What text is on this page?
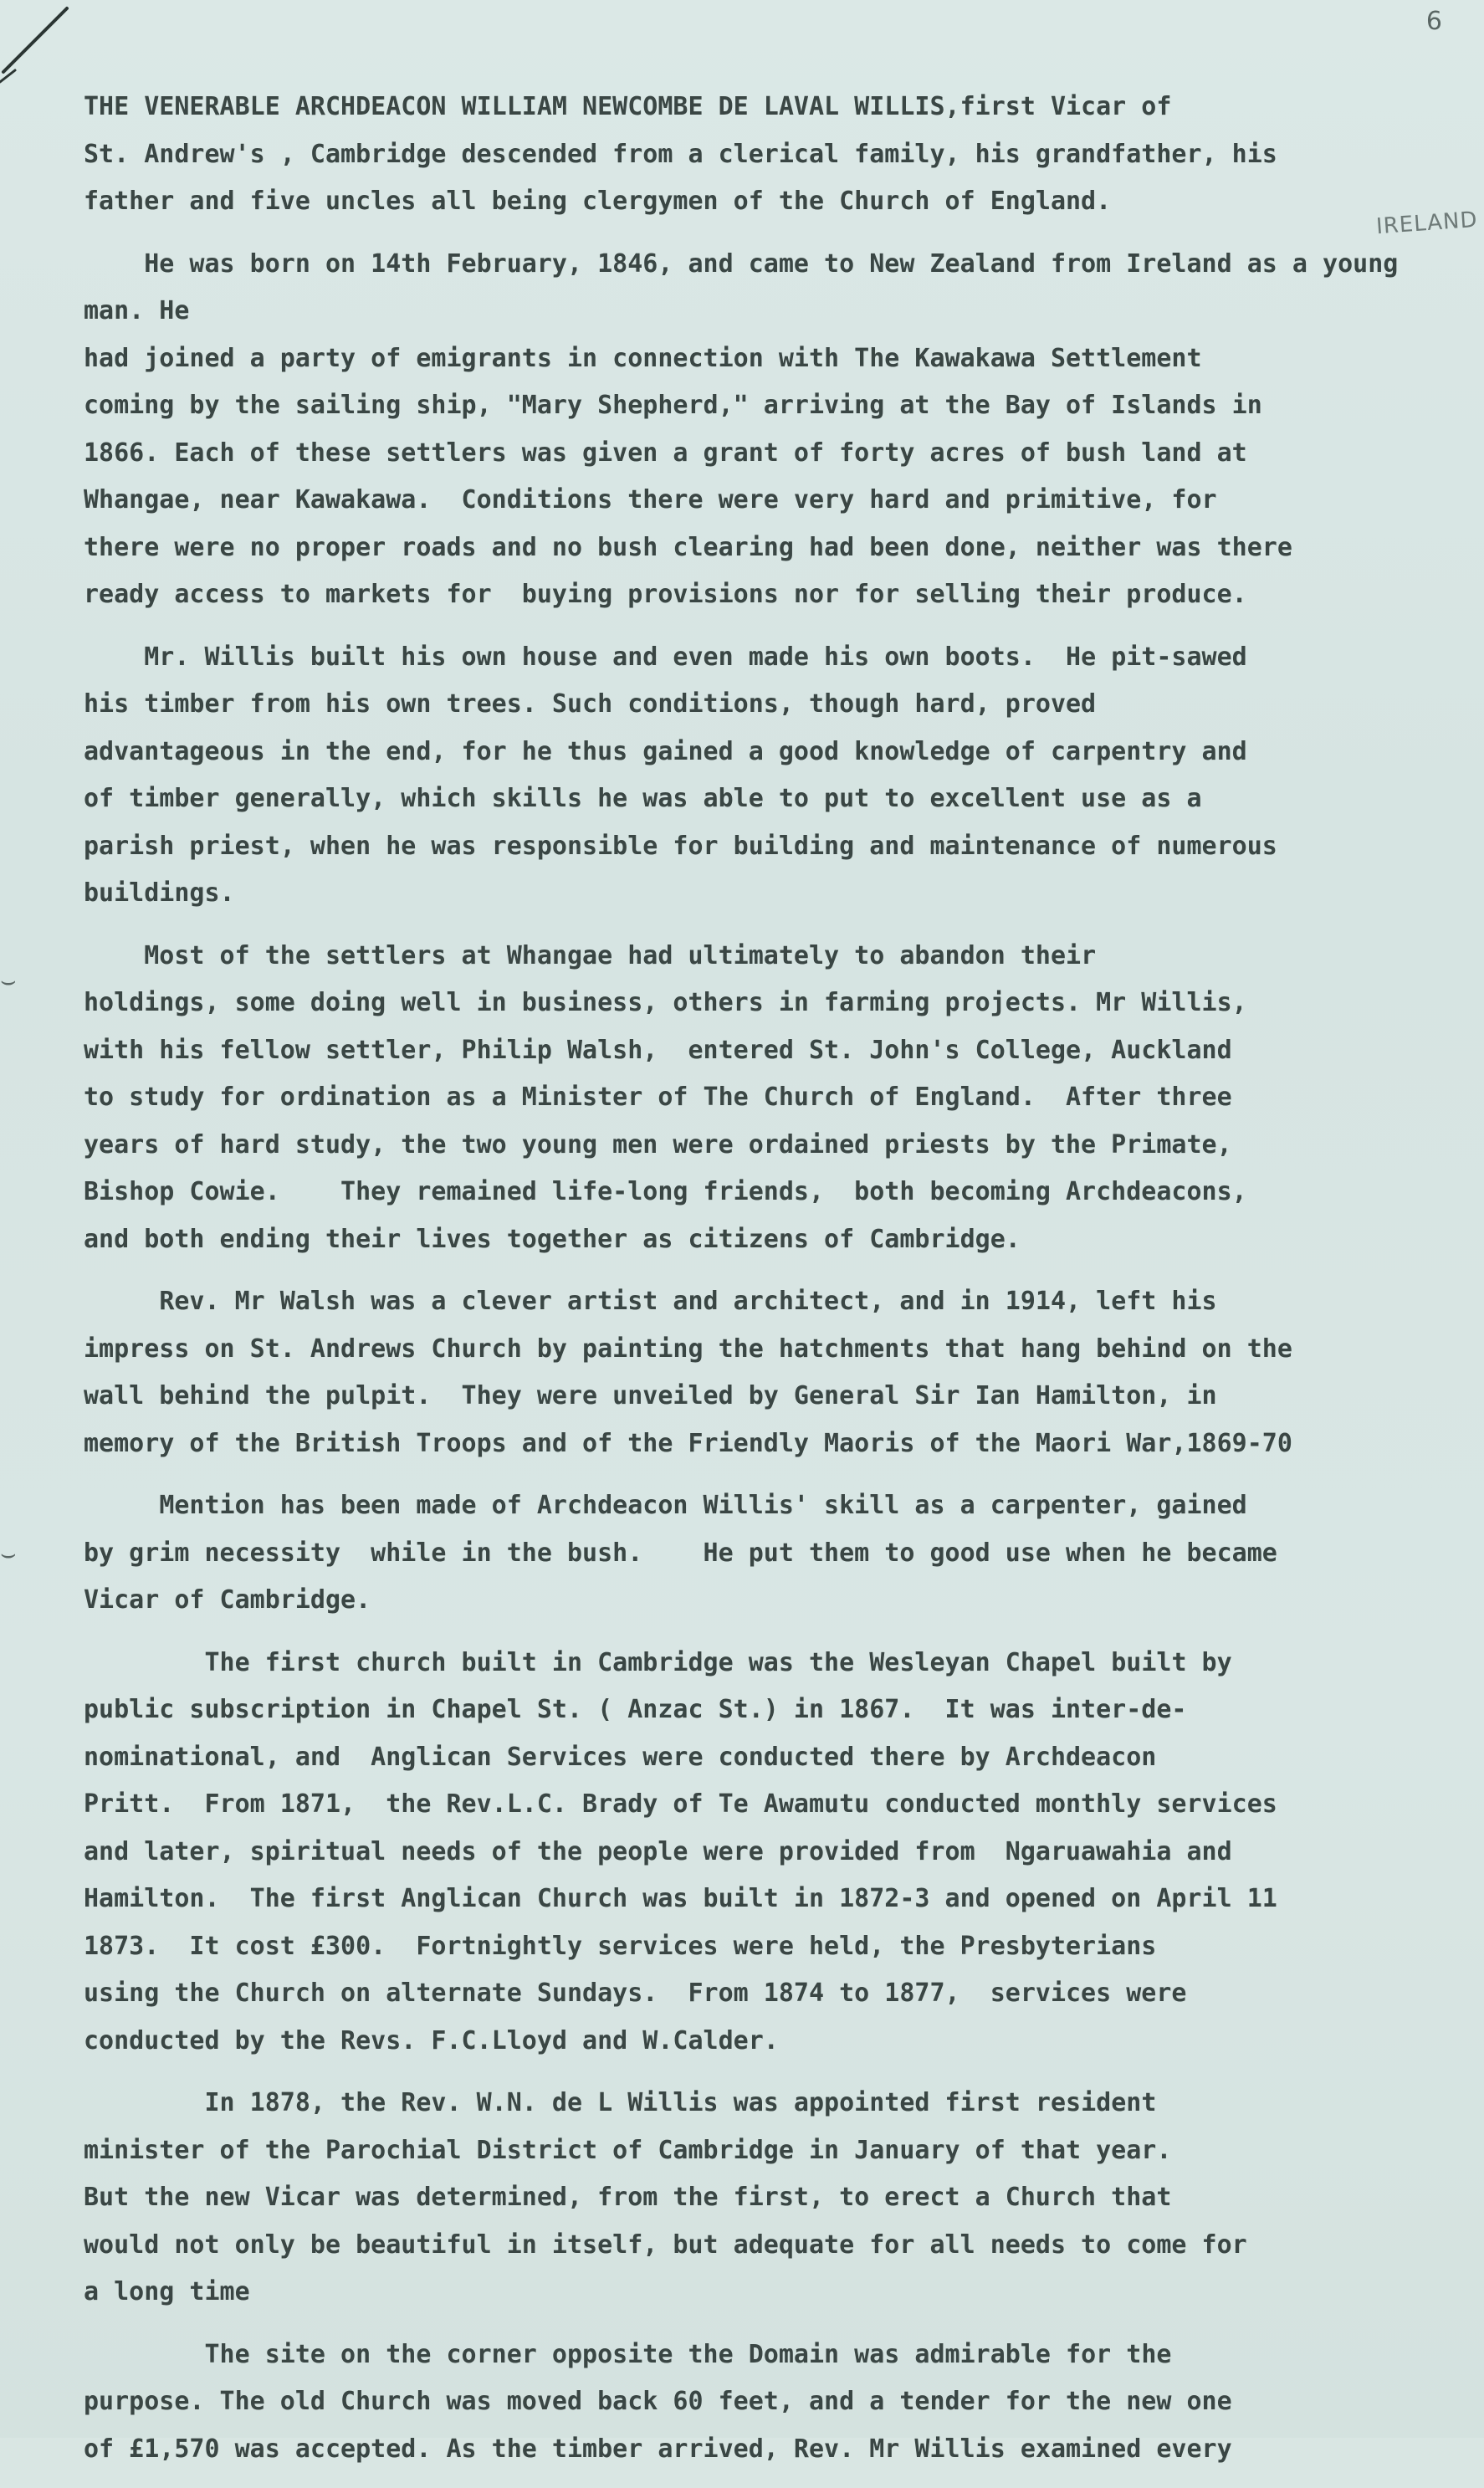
6
IRELAND
⌣
⌣

THE VENERABLE ARCHDEACON WILLIAM NEWCOMBE DE LAVAL WILLIS,first Vicar of
St. Andrew's , Cambridge descended from a clerical family, his grandfather, his
father and five uncles all being clergymen of the Church of England.

He was born on 14th February, 1846, and came to New Zealand from Ireland as a young man. He
had joined a party of emigrants in connection with The Kawakawa Settlement
coming by the sailing ship, "Mary Shepherd," arriving at the Bay of Islands in
1866. Each of these settlers was given a grant of forty acres of bush land at
Whangae, near Kawakawa.  Conditions there were very hard and primitive, for
there were no proper roads and no bush clearing had been done, neither was there
ready access to markets for  buying provisions nor for selling their produce.

Mr. Willis built his own house and even made his own boots.  He pit-sawed
his timber from his own trees. Such conditions, though hard, proved
advantageous in the end, for he thus gained a good knowledge of carpentry and
of timber generally, which skills he was able to put to excellent use as a
parish priest, when he was responsible for building and maintenance of numerous
buildings.

Most of the settlers at Whangae had ultimately to abandon their
holdings, some doing well in business, others in farming projects. Mr Willis,
with his fellow settler, Philip Walsh,  entered St. John's College, Auckland
to study for ordination as a Minister of The Church of England.  After three
years of hard study, the two young men were ordained priests by the Primate,
Bishop Cowie.    They remained life-long friends,  both becoming Archdeacons,
and both ending their lives together as citizens of Cambridge.

Rev. Mr Walsh was a clever artist and architect, and in 1914, left his
impress on St. Andrews Church by painting the hatchments that hang behind on the
wall behind the pulpit.  They were unveiled by General Sir Ian Hamilton, in
memory of the British Troops and of the Friendly Maoris of the Maori War,1869-70

Mention has been made of Archdeacon Willis' skill as a carpenter, gained
by grim necessity  while in the bush.    He put them to good use when he became
Vicar of Cambridge.

The first church built in Cambridge was the Wesleyan Chapel built by
public subscription in Chapel St. ( Anzac St.) in 1867.  It was inter-de-
nominational, and  Anglican Services were conducted there by Archdeacon
Pritt.  From 1871,  the Rev.L.C. Brady of Te Awamutu conducted monthly services
and later, spiritual needs of the people were provided from  Ngaruawahia and
Hamilton.  The first Anglican Church was built in 1872-3 and opened on April 11
1873.  It cost £300.  Fortnightly services were held, the Presbyterians
using the Church on alternate Sundays.  From 1874 to 1877,  services were
conducted by the Revs. F.C.Lloyd and W.Calder.

In 1878, the Rev. W.N. de L Willis was appointed first resident
minister of the Parochial District of Cambridge in January of that year.
But the new Vicar was determined, from the first, to erect a Church that
would not only be beautiful in itself, but adequate for all needs to come for
a long time

The site on the corner opposite the Domain was admirable for the
purpose. The old Church was moved back 60 feet, and a tender for the new one
of £1,570 was accepted. As the timber arrived, Rev. Mr Willis examined every
